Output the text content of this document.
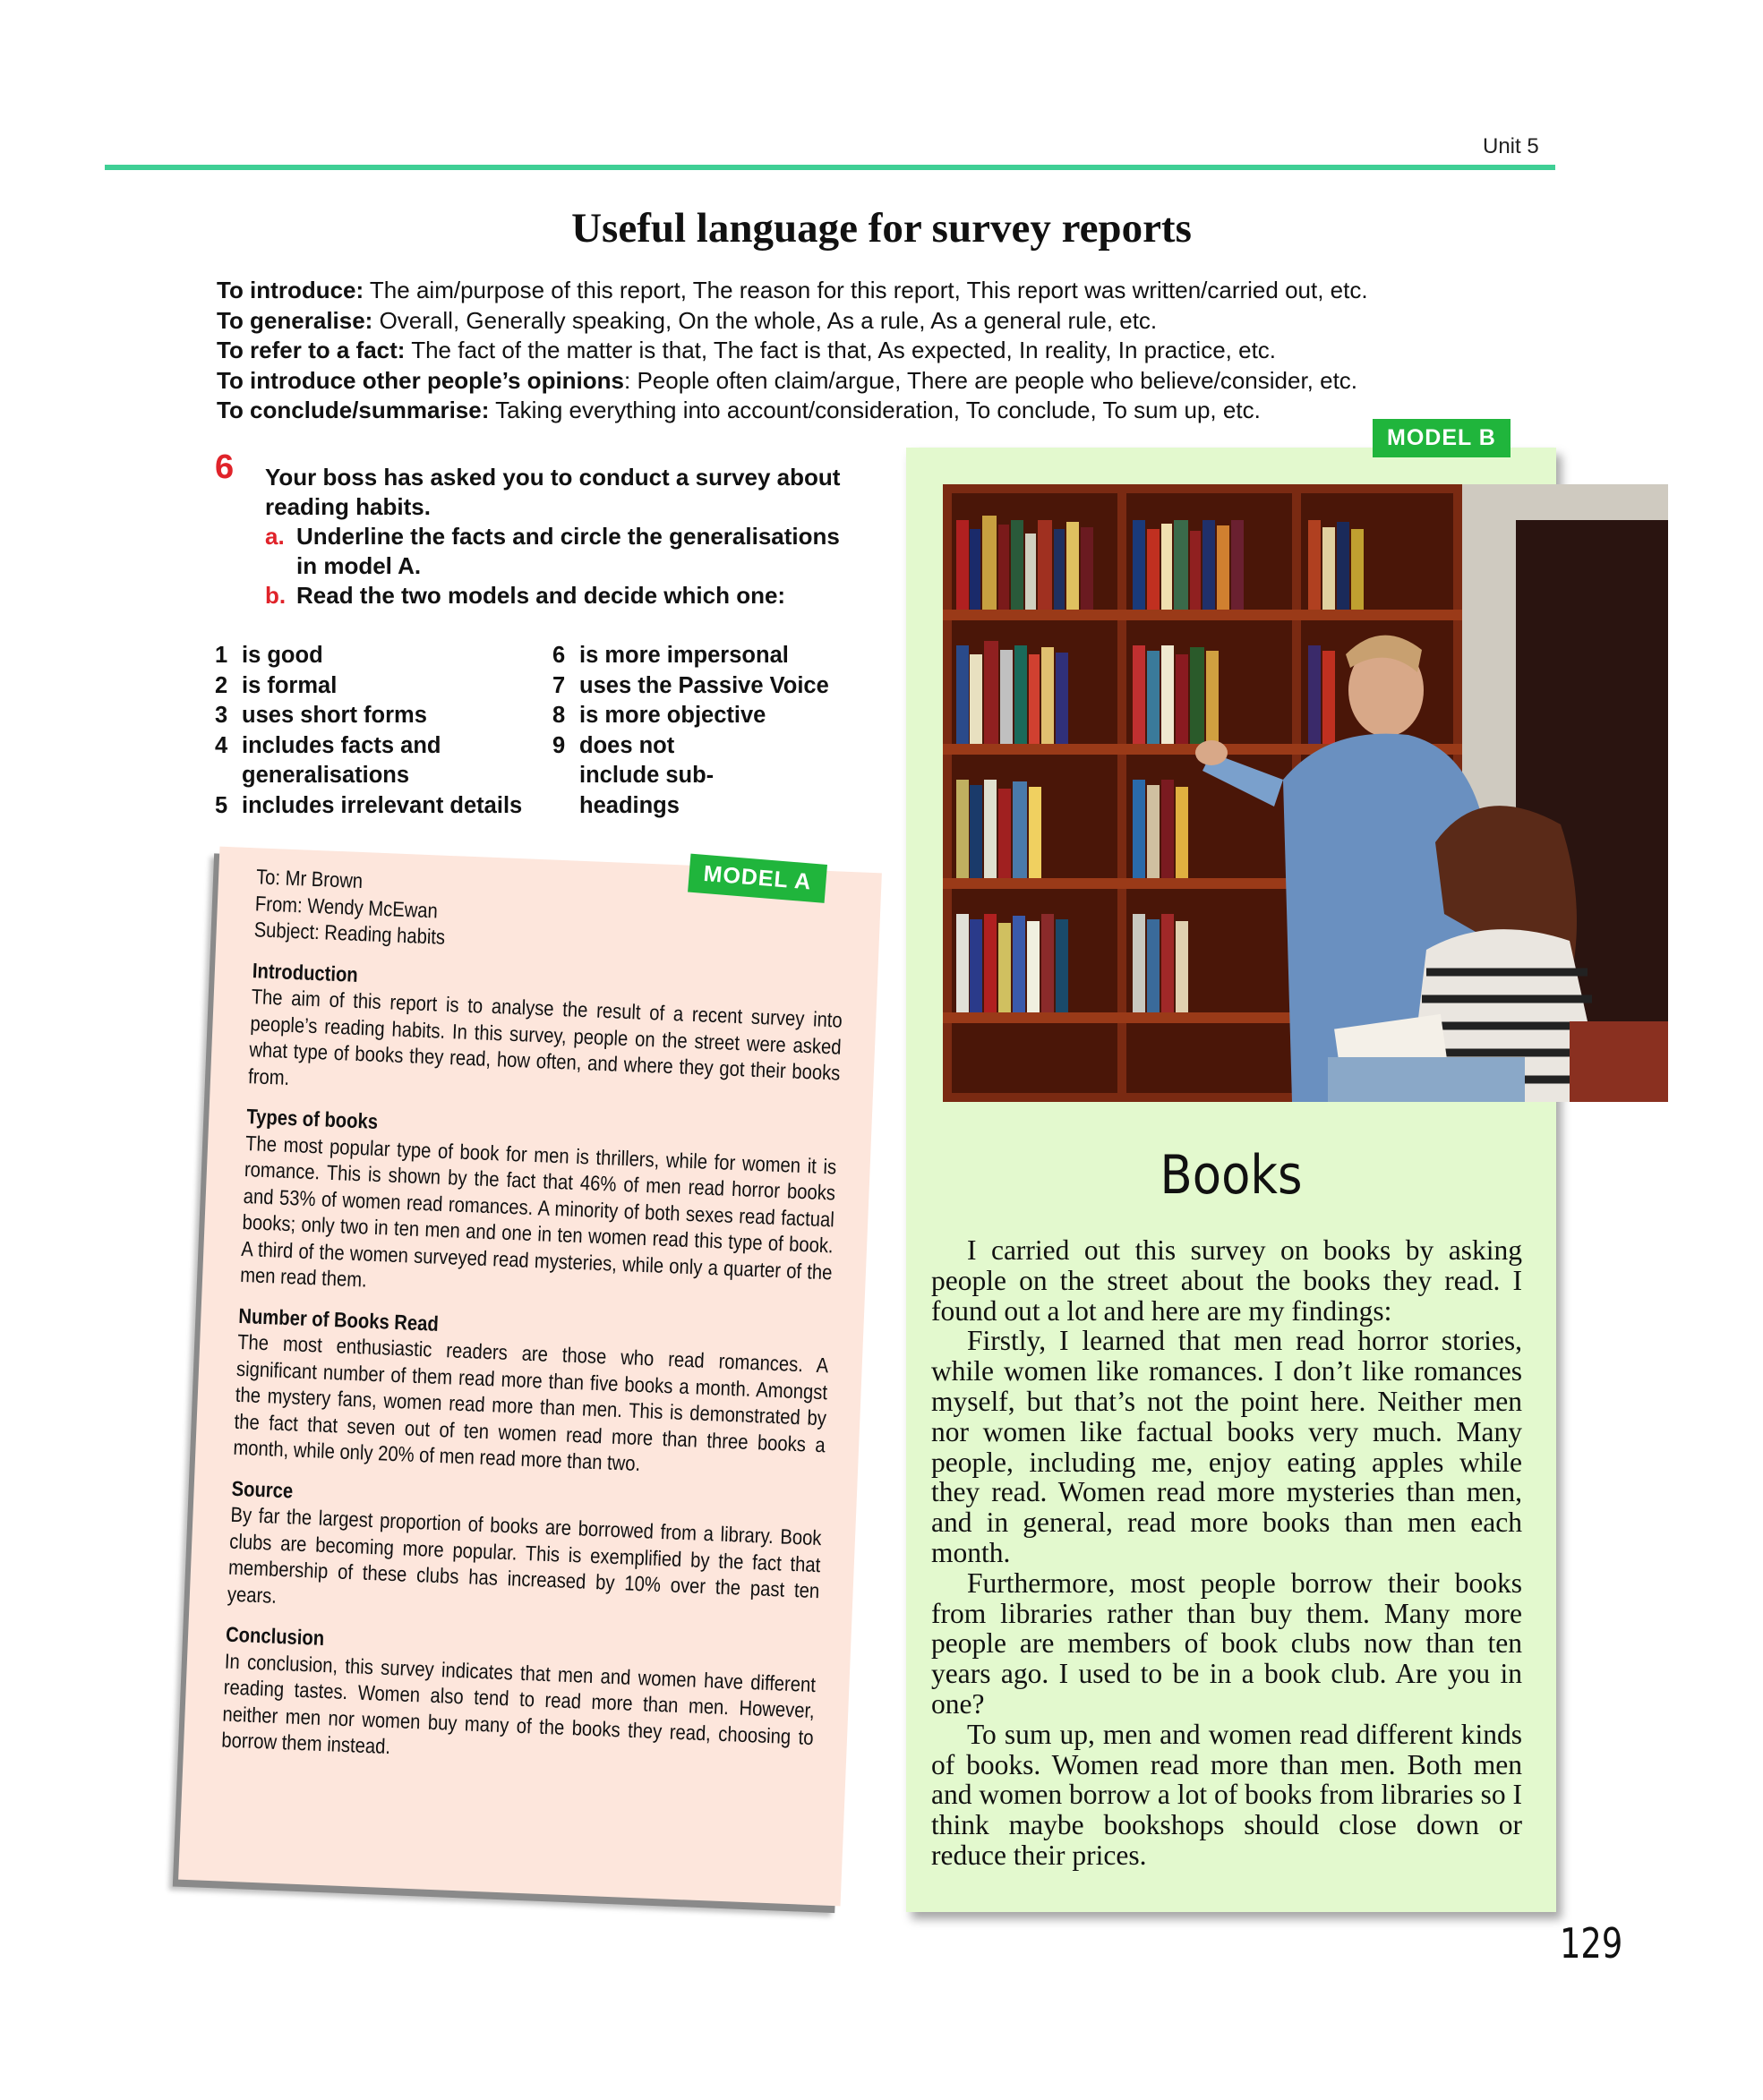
Unit 5
Useful language for survey reports
To introduce: The aim/purpose of this report, The reason for this report, This report was written/carried out, etc.
To generalise: Overall, Generally speaking, On the whole, As a rule, As a general rule, etc.
To refer to a fact: The fact of the matter is that, The fact is that, As expected, In reality, In practice, etc.
To introduce other people’s opinions: People often claim/argue, There are people who believe/consider, etc.
To conclude/summarise: Taking everything into account/consideration, To conclude, To sum up, etc.
6 Your boss has asked you to conduct a survey about reading habits.
a. Underline the facts and circle the generalisations
in model A.
b. Read the two models and decide which one:
1 is good
2 is formal
3 uses short forms
4 includes facts and generalisations
5 includes irrelevant details
6 is more impersonal
7 uses the Passive Voice
8 is more objective
9 does not include sub-headings
MODEL A

To: Mr Brown

From: Wendy McEwan

Subject: Reading habits

Introduction

The aim of this report is to analyse the result of a recent survey into people’s reading habits. In this survey, people on the street were asked what type of books they read, how often, and where they got their books from.

Types of books

The most popular type of book for men is thrillers, while for women it is romance. This is shown by the fact that 46% of men read horror books and 53% of women read romances. A minority of both sexes read factual books; only two in ten men and one in ten women read this type of book. A third of the women surveyed read mysteries, while only a quarter of the men read them.

Number of Books Read

The most enthusiastic readers are those who read romances. A significant number of them read more than five books a month. Amongst the mystery fans, women read more than men. This is demonstrated by the fact that seven out of ten women read more than three books a month, while only 20% of men read more than two.

Source

By far the largest proportion of books are borrowed from a library. Book clubs are becoming more popular. This is exemplified by the fact that membership of these clubs has increased by 10% over the past ten years.

Conclusion

In conclusion, this survey indicates that men and women have different reading tastes. Women also tend to read more than men. However, neither men nor women buy many of the books they read, choosing to borrow them instead.

MODEL B
Books

I carried out this survey on books by asking people on the street about the books they read. I found out a lot and here are my findings:

Firstly, I learned that men read horror stories, while women like romances. I don’t like romances myself, but that’s not the point here. Neither men nor women like factual books very much. Many people, including me, enjoy eating apples while they read. Women read more mysteries than men, and in general, read more books than men each month.

Furthermore, most people borrow their books from libraries rather than buy them. Many more people are members of book clubs now than ten years ago. I used to be in a book club. Are you in one?

To sum up, men and women read different kinds of books. Women read more than men. Both men and women borrow a lot of books from libraries so I think maybe bookshops should close down or reduce their prices.

129
